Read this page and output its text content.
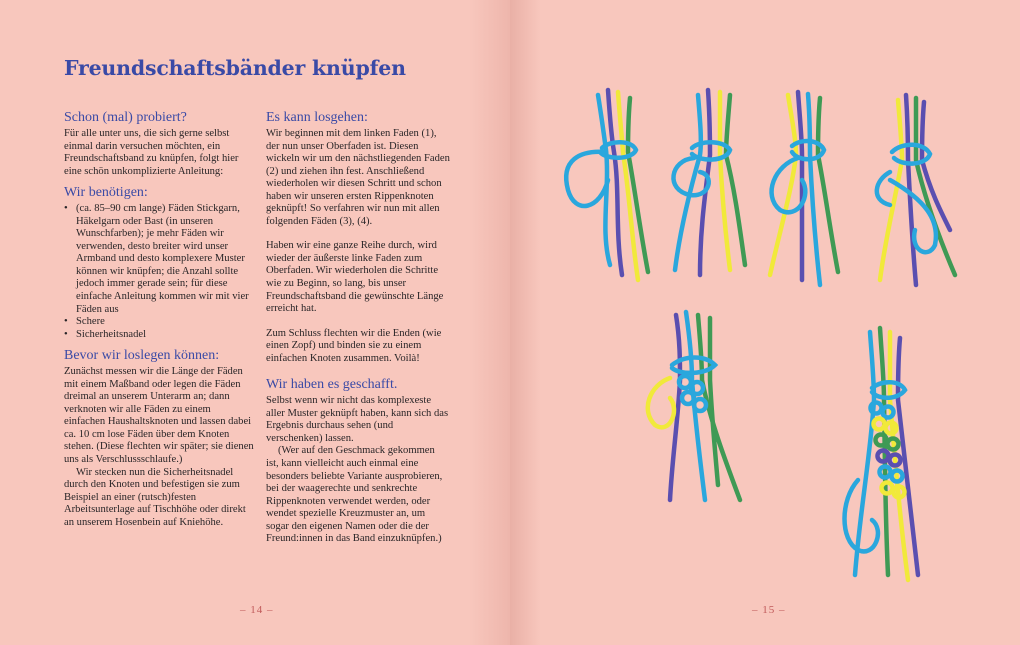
Freundschaftsbänder knüpfen
Schon (mal) probiert?

Für alle unter uns, die sich gerne selbst einmal darin versuchen möchten, ein Freundschaftsband zu knüpfen, folgt hier eine schön unkomplizierte Anleitung:

Wir benötigen:
• (ca. 85–90 cm lange) Fäden Stickgarn, Häkelgarn oder Bast (in unseren Wunschfarben); je mehr Fäden wir verwenden, desto breiter wird unser Armband und desto komplexere Muster können wir knüpfen; die Anzahl sollte jedoch immer gerade sein; für diese einfache Anleitung kommen wir mit vier Fäden aus
• Schere
• Sicherheitsnadel
Bevor wir loslegen können:

Zunächst messen wir die Länge der Fäden mit einem Maßband oder legen die Fäden dreimal an unserem Unterarm an; dann verknoten wir alle Fäden zu einem einfachen Haushaltsknoten und lassen dabei ca. 10 cm lose Fäden über dem Knoten stehen. (Diese flechten wir später; sie dienen uns als Verschlussschlaufe.)

Wir stecken nun die Sicherheitsnadel durch den Knoten und befestigen sie zum Beispiel an einer (rutsch)festen Arbeitsunterlage auf Tischhöhe oder direkt an unserem Hosenbein auf Kniehöhe.

Es kann losgehen:

Wir beginnen mit dem linken Faden (1), der nun unser Oberfaden ist. Diesen wickeln wir um den nächstliegenden Faden (2) und ziehen ihn fest. Anschließend wiederholen wir diesen Schritt und schon haben wir unseren ersten Rippenknoten geknüpft! So verfahren wir nun mit allen folgenden Fäden (3), (4).

Haben wir eine ganze Reihe durch, wird wieder der äußerste linke Faden zum Oberfaden. Wir wiederholen die Schritte wie zu Beginn, so lang, bis unser Freundschaftsband die gewünschte Länge erreicht hat.

Zum Schluss flechten wir die Enden (wie einen Zopf) und binden sie zu einem einfachen Knoten zusammen. Voilà!

Wir haben es geschafft.

Selbst wenn wir nicht das komplexeste aller Muster geknüpft haben, kann sich das Ergebnis durchaus sehen (und verschenken) lassen.

(Wer auf den Geschmack gekommen ist, kann vielleicht auch einmal eine besonders beliebte Variante ausprobieren, bei der waagerechte und senkrechte Rippenknoten verwendet werden, oder wendet spezielle Kreuzmuster an, um sogar den eigenen Namen oder die der Freund:innen in das Band einzuknüpfen.)

– 14 –	– 15 –
